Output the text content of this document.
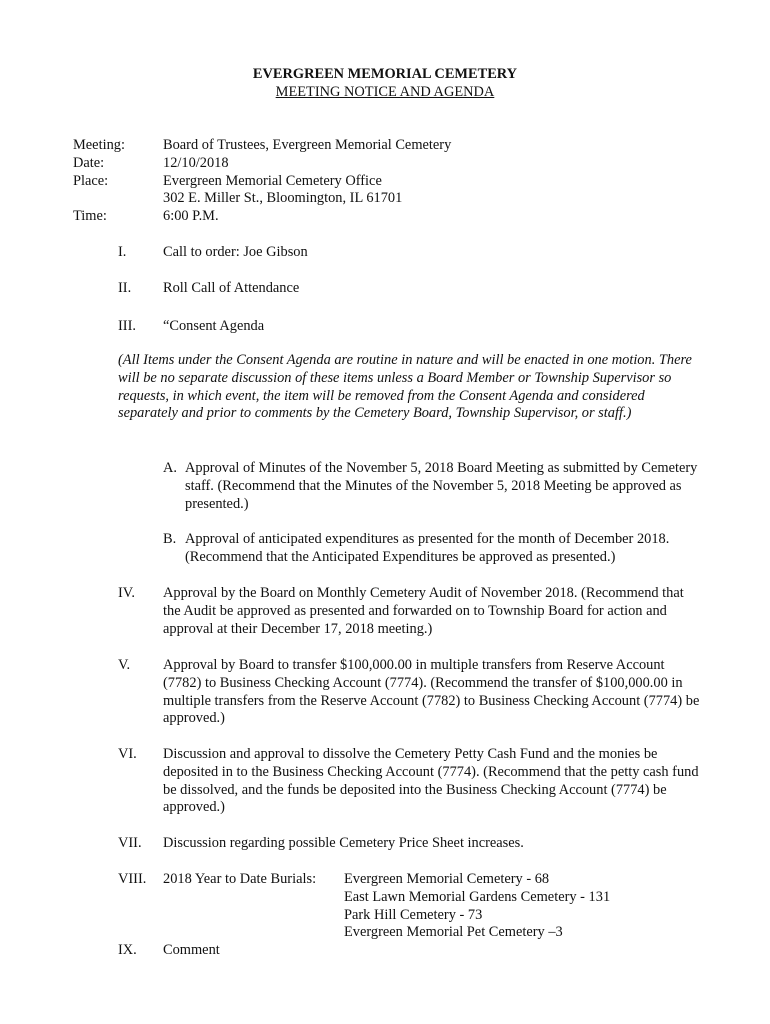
EVERGREEN MEMORIAL CEMETERY
MEETING NOTICE AND AGENDA
Meeting:	Board of Trustees, Evergreen Memorial Cemetery
Date:	12/10/2018
Place:	Evergreen Memorial Cemetery Office
302 E. Miller St., Bloomington, IL 61701
Time:	6:00 P.M.
I.	Call to order: Joe Gibson
II. Roll Call of Attendance
III. “Consent Agenda
(All Items under the Consent Agenda are routine in nature and will be enacted in one motion. There will be no separate discussion of these items unless a Board Member or Township Supervisor so requests, in which event, the item will be removed from the Consent Agenda and considered separately and prior to comments by the Cemetery Board, Township Supervisor, or staff.)
A. Approval of Minutes of the November 5, 2018 Board Meeting as submitted by Cemetery staff. (Recommend that the Minutes of the November 5, 2018 Meeting be approved as presented.)
B. Approval of anticipated expenditures as presented for the month of December 2018. (Recommend that the Anticipated Expenditures be approved as presented.)
IV. Approval by the Board on Monthly Cemetery Audit of November 2018. (Recommend that the Audit be approved as presented and forwarded on to Township Board for action and approval at their December 17, 2018 meeting.)
V. Approval by Board to transfer $100,000.00 in multiple transfers from Reserve Account (7782) to Business Checking Account (7774). (Recommend the transfer of $100,000.00 in multiple transfers from the Reserve Account (7782) to Business Checking Account (7774) be approved.)
VI. Discussion and approval to dissolve the Cemetery Petty Cash Fund and the monies be deposited in to the Business Checking Account (7774). (Recommend that the petty cash fund be dissolved, and the funds be deposited into the Business Checking Account (7774) be approved.)
VII. Discussion regarding possible Cemetery Price Sheet increases.
VIII. 2018 Year to Date Burials: Evergreen Memorial Cemetery - 68
East Lawn Memorial Gardens Cemetery - 131
Park Hill Cemetery - 73
Evergreen Memorial Pet Cemetery –3
IX. Comment
